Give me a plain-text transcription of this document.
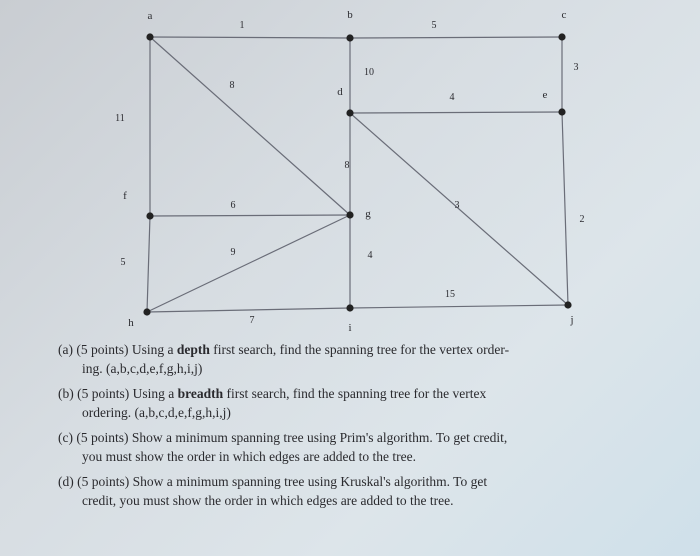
1	5
8
10	3
4
11
8
3
6
2
9	4
5
15
7
a	b	c
d	e
f
g
h	i
j
(a) (5 points) Using a depth first search, find the spanning tree for the vertex order-
ing. (a,b,c,d,e,f,g,h,i,j)
(b) (5 points) Using a breadth first search, find the spanning tree for the vertex
ordering. (a,b,c,d,e,f,g,h,i,j)
(c) (5 points) Show a minimum spanning tree using Prim's algorithm. To get credit,
you must show the order in which edges are added to the tree.
(d) (5 points) Show a minimum spanning tree using Kruskal's algorithm. To get
credit, you must show the order in which edges are added to the tree.
